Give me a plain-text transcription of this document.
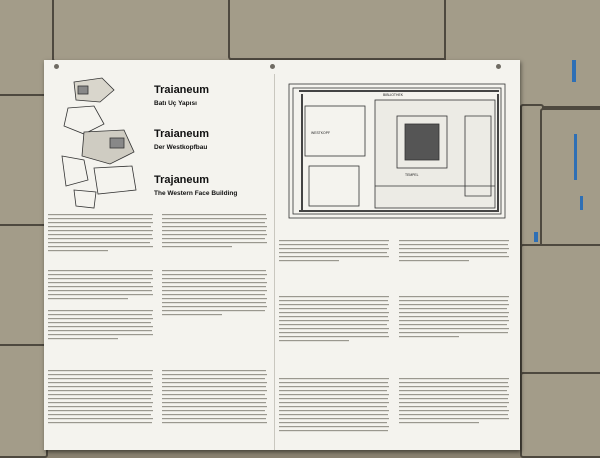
Traianeum
Batı Uç Yapısı
Traianeum
Der Westkopfbau
Trajaneum
The Western Face Building
BIBLIOTHEK
WESTKOPF
TEMPEL
